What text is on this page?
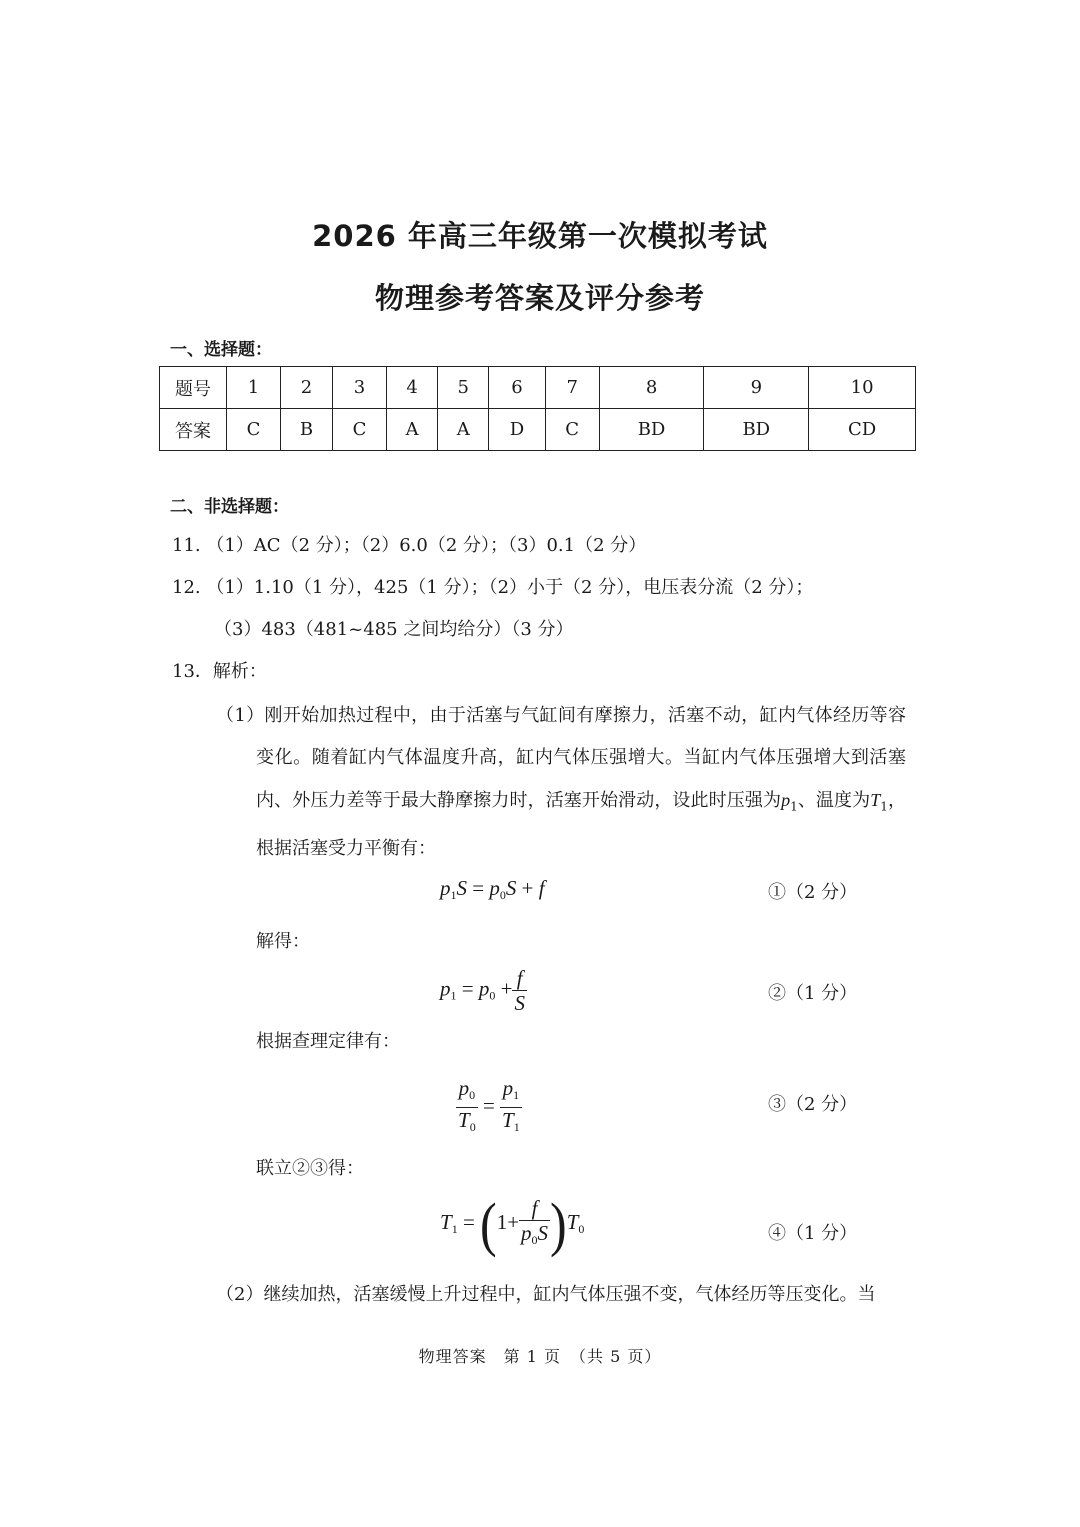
2026 年高三年级第一次模拟考试
物理参考答案及评分参考
一、选择题：
题号	1	2	3	4	5	6	7	8	9	10
答案	C	B	C	A	A	D	C	BD	BD	CD
二、非选择题：
11. （1）AC（2 分）；（2）6.0（2 分）；（3）0.1（2 分）
12. （1）1.10（1 分），425（1 分）；（2）小于（2 分），电压表分流（2 分）；
（3）483（481~485 之间均给分）（3 分）
13．解析：
（1）刚开始加热过程中，由于活塞与气缸间有摩擦力，活塞不动，缸内气体经历等容变化。随着缸内气体温度升高，缸内气体压强增大。当缸内气体压强增大到活塞内、外压力差等于最大静摩擦力时，活塞开始滑动，设此时压强为$p_1$、温度为$T_1$，根据活塞受力平衡有：
$p_1S = p_0S + f$	①（2 分）
解得：
$p_1 = p_0 + \frac{f}{S}$	②（1 分）
根据查理定律有：
$\frac{p_0}{T_0} = \frac{p_1}{T_1}$	③（2 分）
联立②③得：
$T_1 = (1+ \frac{f}{p_0S} )T_0$	④（1 分）
（2）继续加热，活塞缓慢上升过程中，缸内气体压强不变，气体经历等压变化。当
物理答案　第 1 页　（共 5 页）
